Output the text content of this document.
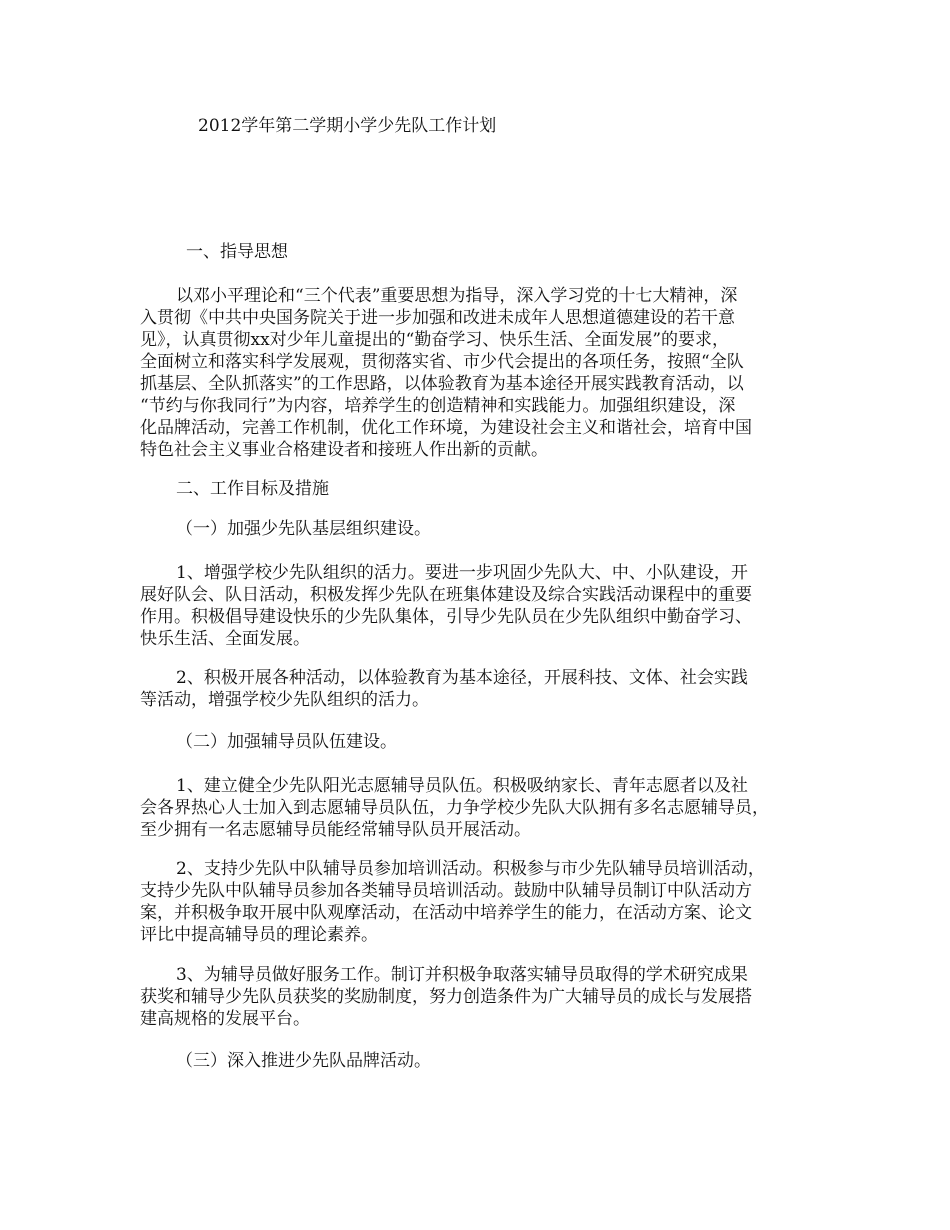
2012学年第二学期小学少先队工作计划
一、指导思想
以邓小平理论和“三个代表”重要思想为指导，深入学习党的十七大精神，深
入贯彻《中共中央国务院关于进一步加强和改进未成年人思想道德建设的若干意
见》，认真贯彻xx对少年儿童提出的“勤奋学习、快乐生活、全面发展”的要求，
全面树立和落实科学发展观，贯彻落实省、市少代会提出的各项任务，按照“全队
抓基层、全队抓落实”的工作思路，以体验教育为基本途径开展实践教育活动，以
“节约与你我同行”为内容，培养学生的创造精神和实践能力。加强组织建设，深
化品牌活动，完善工作机制，优化工作环境，为建设社会主义和谐社会，培育中国
特色社会主义事业合格建设者和接班人作出新的贡献。
二、工作目标及措施
（一）加强少先队基层组织建设。
1、增强学校少先队组织的活力。要进一步巩固少先队大、中、小队建设，开
展好队会、队日活动，积极发挥少先队在班集体建设及综合实践活动课程中的重要
作用。积极倡导建设快乐的少先队集体，引导少先队员在少先队组织中勤奋学习、
快乐生活、全面发展。
2、积极开展各种活动，以体验教育为基本途径，开展科技、文体、社会实践
等活动，增强学校少先队组织的活力。
（二）加强辅导员队伍建设。
1、建立健全少先队阳光志愿辅导员队伍。积极吸纳家长、青年志愿者以及社
会各界热心人士加入到志愿辅导员队伍，力争学校少先队大队拥有多名志愿辅导员，
至少拥有一名志愿辅导员能经常辅导队员开展活动。
2、支持少先队中队辅导员参加培训活动。积极参与市少先队辅导员培训活动，
支持少先队中队辅导员参加各类辅导员培训活动。鼓励中队辅导员制订中队活动方
案，并积极争取开展中队观摩活动，在活动中培养学生的能力，在活动方案、论文
评比中提高辅导员的理论素养。
3、为辅导员做好服务工作。制订并积极争取落实辅导员取得的学术研究成果
获奖和辅导少先队员获奖的奖励制度，努力创造条件为广大辅导员的成长与发展搭
建高规格的发展平台。
（三）深入推进少先队品牌活动。
